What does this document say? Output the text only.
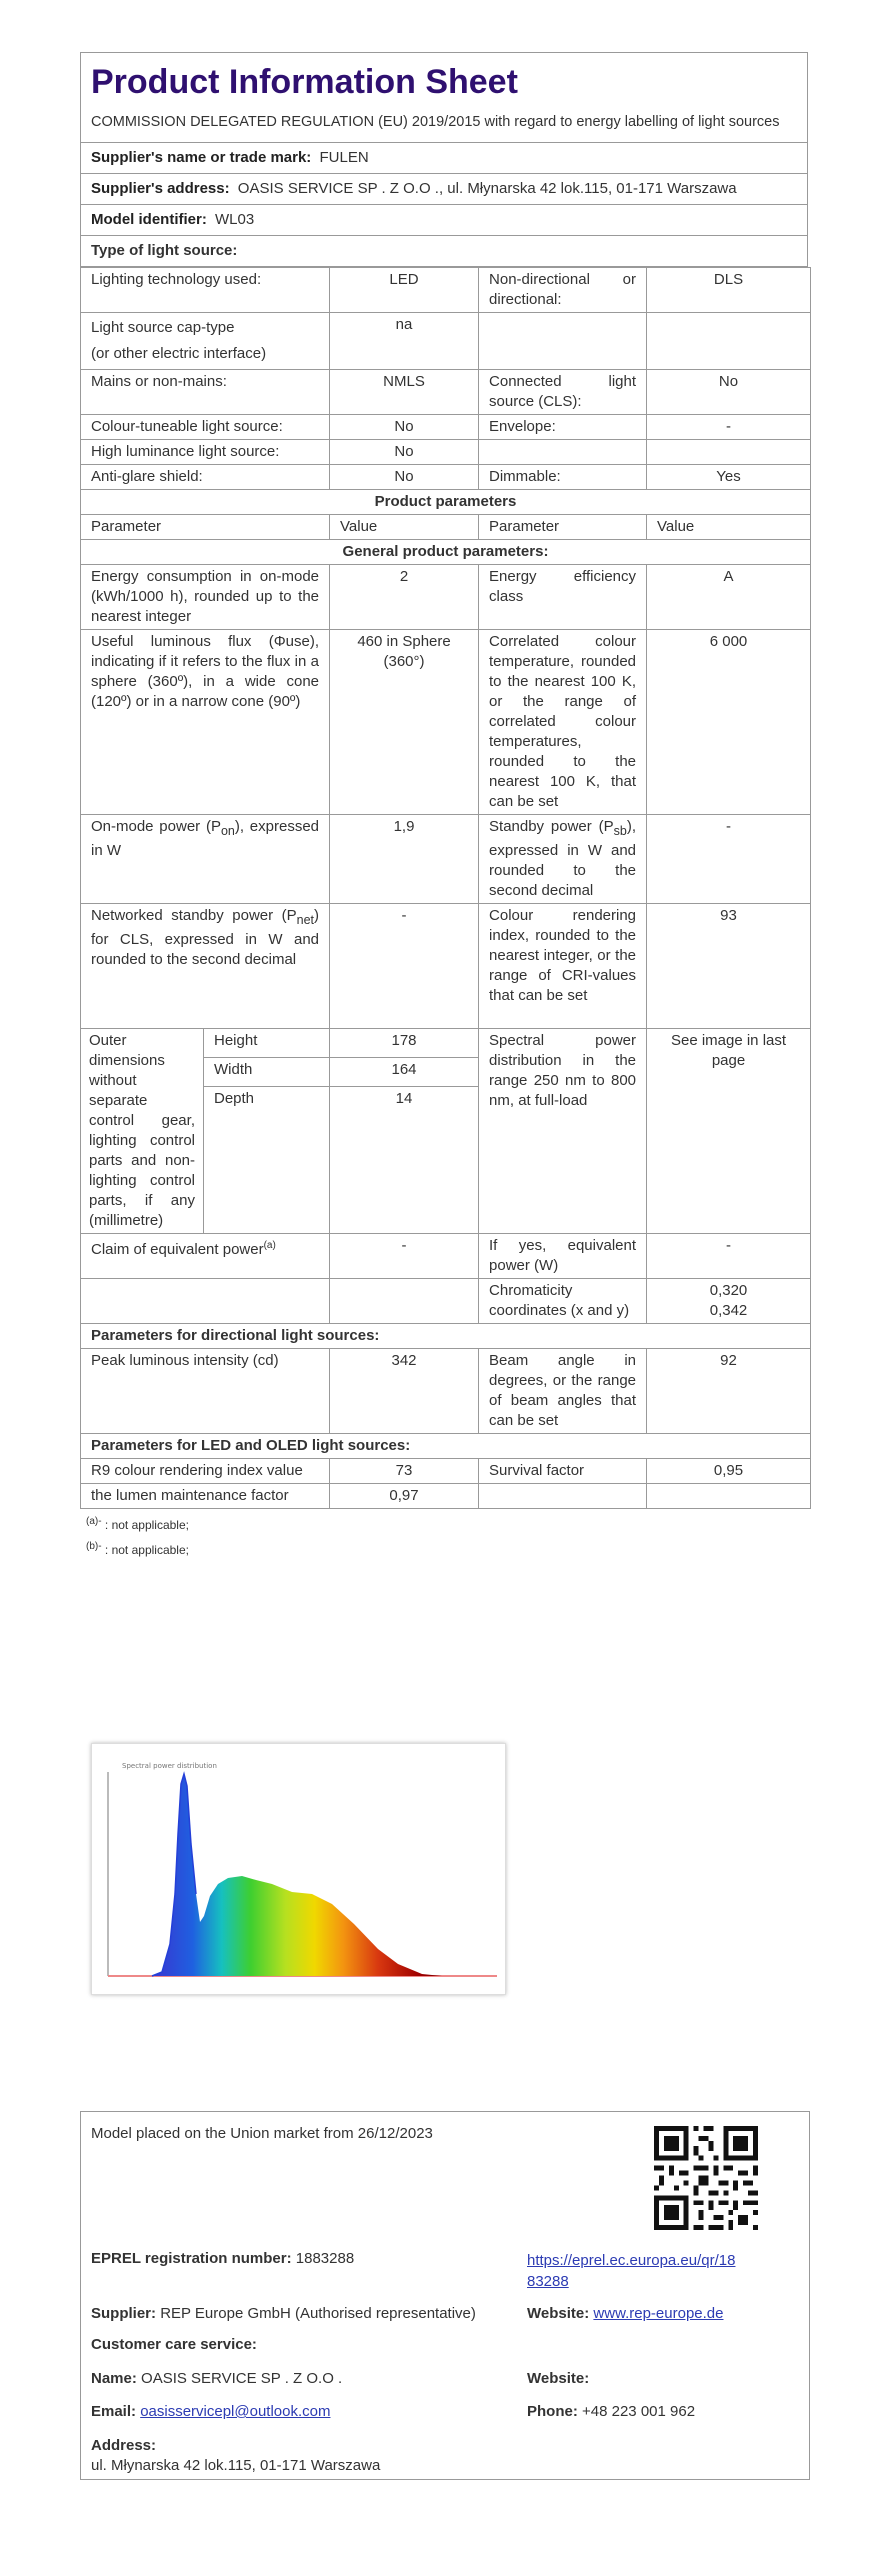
Product Information Sheet
COMMISSION DELEGATED REGULATION (EU) 2019/2015 with regard to energy labelling of light sources
Supplier's name or trade mark: FULEN
Supplier's address: OASIS SERVICE SP . Z O.O ., ul. Młynarska 42 lok.115, 01-171 Warszawa
Model identifier: WL03
Type of light source:
Lighting technology used:		LED	Non-directional or directional:	DLS

Light source cap-type
(or other electric interface)		na		
Mains or non-mains:		NMLS	Connected light source (CLS):	No
Colour-tuneable light source:		No	Envelope:	-
High luminance light source:		No		
Anti-glare shield:		No	Dimmable:	Yes
Product parameters				
Parameter		Value	Parameter	Value
General product parameters:				
Energy consumption in on-mode (kWh/1000 h), rounded up to the nearest integer		2	Energy efficiency class	A
Useful luminous flux (Φuse), indicating if it refers to the flux in a sphere (360º), in a wide cone (120º) or in a narrow cone (90º)		460 in Sphere (360°)	Correlated colour temperature, rounded to the nearest 100 K, or the range of correlated colour temperatures, rounded to the nearest 100 K, that can be set	6 000
On-mode power $(P_{on})$, expressed in W		1,9	Standby power $(P_{sb})$, expressed in W and rounded to the second decimal	-
Networked standby power $(P_{net})$ for CLS, expressed in W and rounded to the second decimal		-	Colour rendering index, rounded to the nearest integer, or the range of CRI-values that can be set	93
Outer dimensions without separate control gear, lighting control parts and non-lighting control parts, if any (millimetre)	Height	178	Spectral power distribution in the range 250 nm to 800 nm, at full-load	See image in last page
	Width	164		
	Depth	14		
Claim of equivalent power$^{(a)}$		-	If yes, equivalent power (W)	-
			Chromaticity coordinates (x and y)	0,320
0,342

Parameters for directional light sources:				
Peak luminous intensity (cd)		342	Beam angle in degrees, or the range of beam angles that can be set	92
Parameters for LED and OLED light sources:				
R9 colour rendering index value		73	Survival factor	0,95
the lumen maintenance factor		0,97		
$^{(a)-}$ : not applicable;
$^{(b)-}$ : not applicable;
Spectral power distribution
Model placed on the Union market from 26/12/2023
EPREL registration number: 1883288	https://eprel.ec.europa.eu/qr/18
83288
Supplier: REP Europe GmbH (Authorised representative)	Website: www.rep-europe.de
Customer care service:
Name: OASIS SERVICE SP . Z O.O .	Website:
Email: oasisservicepl@outlook.com	Phone: +48 223 001 962
Address:
ul. Młynarska 42 lok.115, 01-171 Warszawa
